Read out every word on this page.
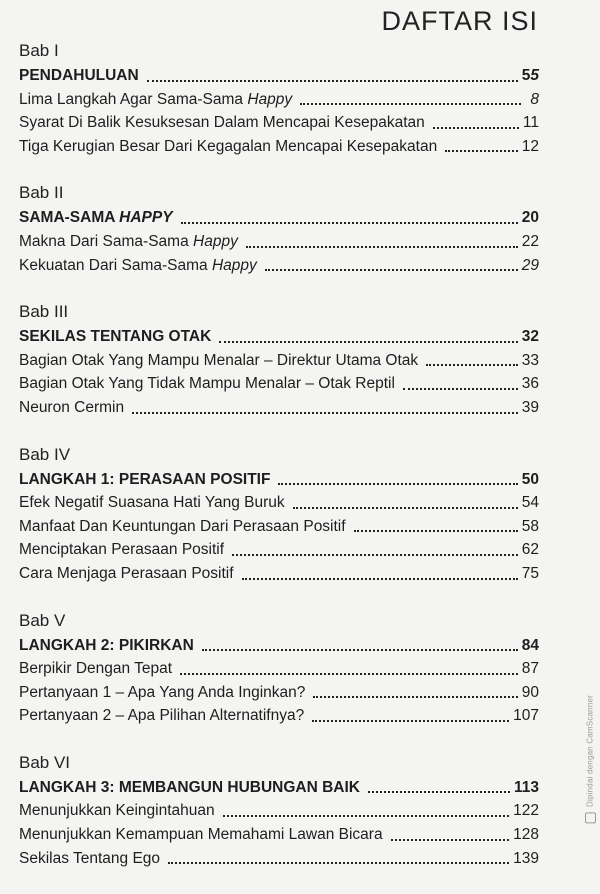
DAFTAR ISI
Bab I
PENDAHULUAN	55
Lima Langkah Agar Sama-Sama Happy	8
Syarat Di Balik Kesuksesan Dalam Mencapai Kesepakatan	11
Tiga Kerugian Besar Dari Kegagalan Mencapai Kesepakatan	12
Bab II
SAMA-SAMA HAPPY	20
Makna Dari Sama-Sama Happy	22
Kekuatan Dari Sama-Sama Happy	29
Bab III
SEKILAS TENTANG OTAK	32
Bagian Otak Yang Mampu Menalar – Direktur Utama Otak	33
Bagian Otak Yang Tidak Mampu Menalar – Otak Reptil	36
Neuron Cermin	39
Bab IV
LANGKAH 1: PERASAAN POSITIF	50
Efek Negatif Suasana Hati Yang Buruk	54
Manfaat Dan Keuntungan Dari Perasaan Positif	58
Menciptakan Perasaan Positif	62
Cara Menjaga Perasaan Positif	75
Bab V
LANGKAH 2: PIKIRKAN	84
Berpikir Dengan Tepat	87
Pertanyaan 1 – Apa Yang Anda Inginkan?	90
Pertanyaan 2 – Apa Pilihan Alternatifnya?	107
Bab VI
LANGKAH 3: MEMBANGUN HUBUNGAN BAIK	113
Menunjukkan Keingintahuan	122
Menunjukkan Kemampuan Memahami Lawan Bicara	128
Sekilas Tentang Ego	139
Dipindai dengan CamScanner
